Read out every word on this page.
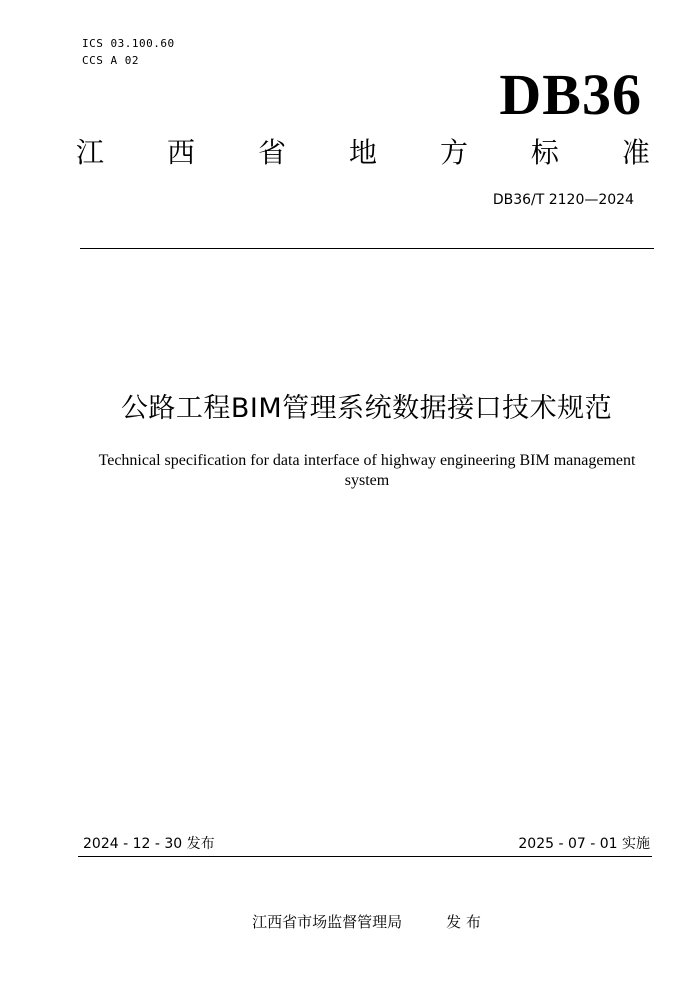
ICS 03.100.60
CCS A 02
DB36
江 西 省 地 方 标 准
DB36/T 2120—2024
公路工程BIM管理系统数据接口技术规范
Technical specification for data interface of highway engineering BIM management system
2024 - 12 - 30 发布	2025 - 07 - 01 实施
江西省市场监督管理局	发 布
